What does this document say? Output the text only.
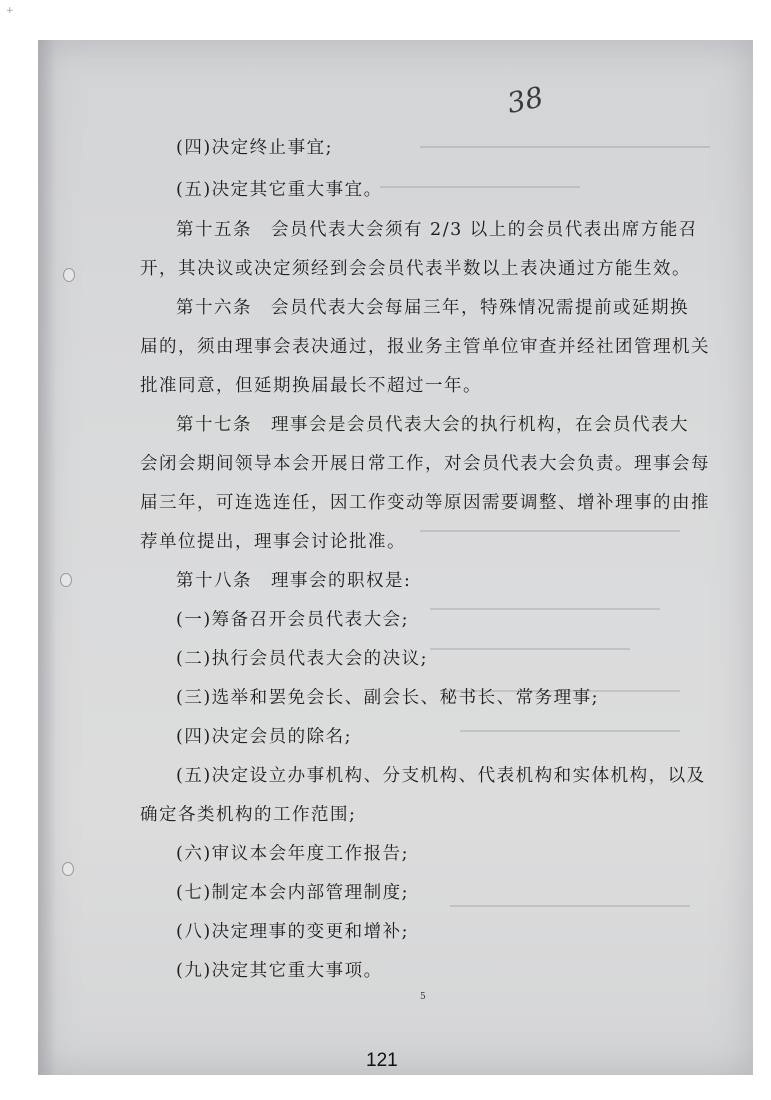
+
38
(四)决定终止事宜;
(五)决定其它重大事宜。
第十五条　会员代表大会须有 2/3 以上的会员代表出席方能召
开，其决议或决定须经到会会员代表半数以上表决通过方能生效。
第十六条　会员代表大会每届三年，特殊情况需提前或延期换
届的，须由理事会表决通过，报业务主管单位审查并经社团管理机关
批准同意，但延期换届最长不超过一年。
第十七条　理事会是会员代表大会的执行机构，在会员代表大
会闭会期间领导本会开展日常工作，对会员代表大会负责。理事会每
届三年，可连选连任，因工作变动等原因需要调整、增补理事的由推
荐单位提出，理事会讨论批准。
第十八条　理事会的职权是:
(一)筹备召开会员代表大会;
(二)执行会员代表大会的决议;
(三)选举和罢免会长、副会长、秘书长、常务理事;
(四)决定会员的除名;
(五)决定设立办事机构、分支机构、代表机构和实体机构，以及
确定各类机构的工作范围;
(六)审议本会年度工作报告;
(七)制定本会内部管理制度;
(八)决定理事的变更和增补;
(九)决定其它重大事项。
5
121
